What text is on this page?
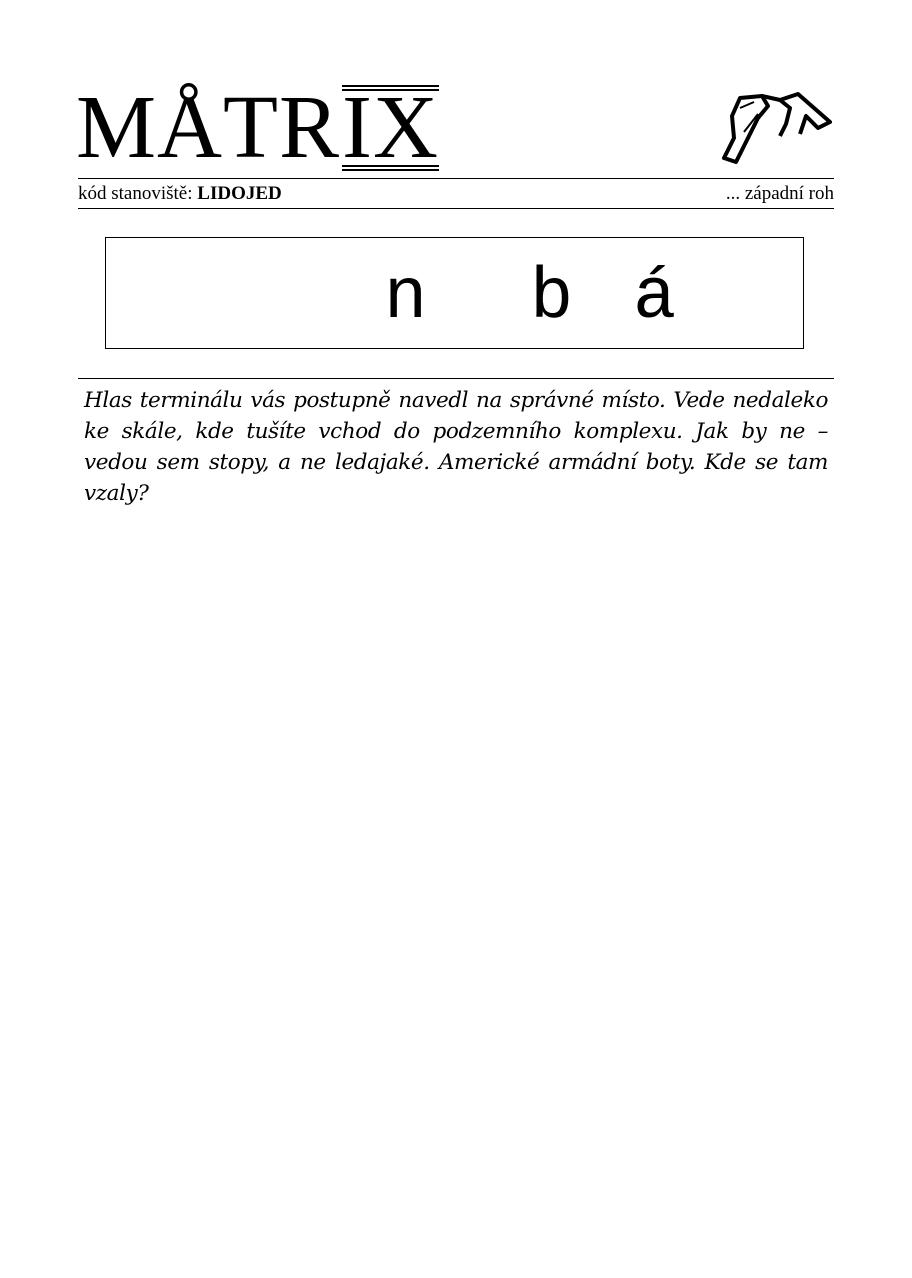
MÅTRIX
kód stanoviště: LIDOJED	... západní roh
n b á

Hlas terminálu vás postupně navedl na správné místo. Vede nedaleko ke skále, kde tušíte vchod do podzemního komplexu. Jak by ne – vedou sem stopy, a ne ledajaké. Americké armádní boty. Kde se tam vzaly?
